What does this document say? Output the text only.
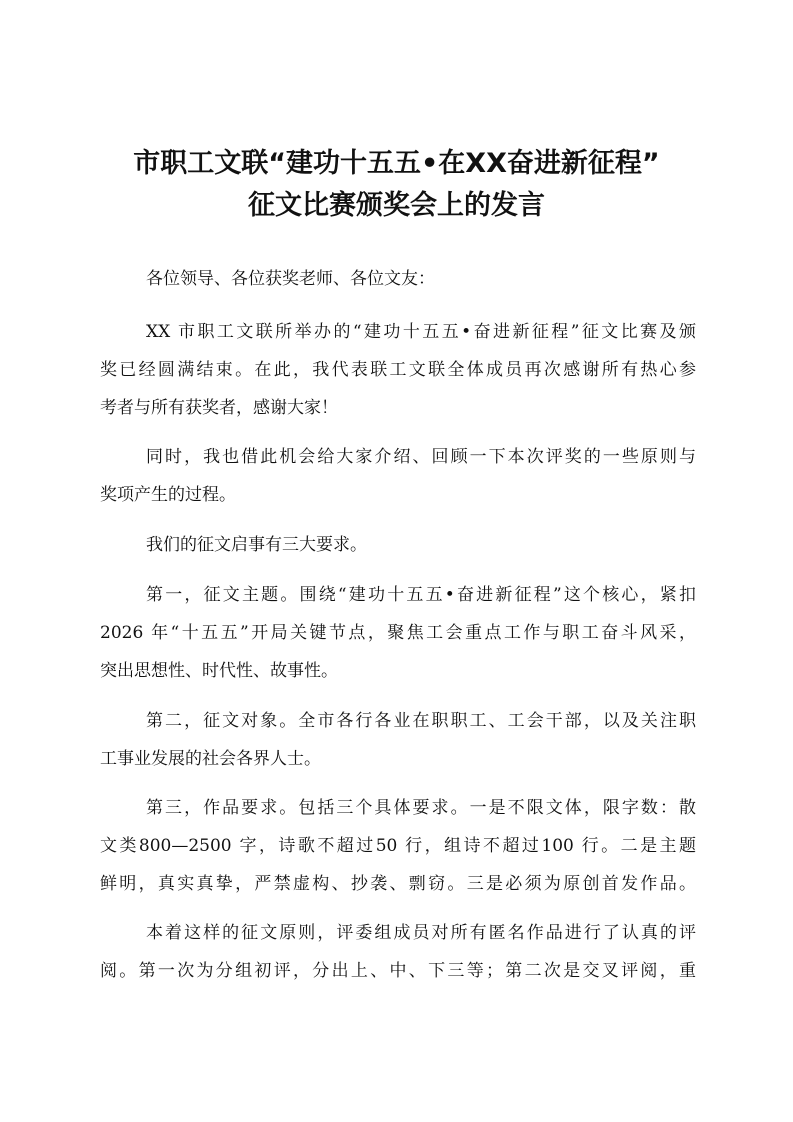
市职工文联“建功十五五•在XX奋进新征程”
征文比赛颁奖会上的发言
各位领导、各位获奖老师、各位文友：
XX 市职工文联所举办的“建功十五五•奋进新征程”征文比赛及颁
奖已经圆满结束。在此，我代表联工文联全体成员再次感谢所有热心参
考者与所有获奖者，感谢大家！
同时，我也借此机会给大家介绍、回顾一下本次评奖的一些原则与
奖项产生的过程。
我们的征文启事有三大要求。
第一，征文主题。围绕“建功十五五•奋进新征程”这个核心，紧扣
2026 年“十五五”开局关键节点，聚焦工会重点工作与职工奋斗风采，
突出思想性、时代性、故事性。
第二，征文对象。全市各行各业在职职工、工会干部，以及关注职
工事业发展的社会各界人士。
第三，作品要求。包括三个具体要求。一是不限文体，限字数：散
文类800—2500 字，诗歌不超过50 行，组诗不超过100 行。二是主题
鲜明，真实真挚，严禁虚构、抄袭、剽窃。三是必须为原创首发作品。
本着这样的征文原则，评委组成员对所有匿名作品进行了认真的评
阅。第一次为分组初评，分出上、中、下三等；第二次是交叉评阅，重
